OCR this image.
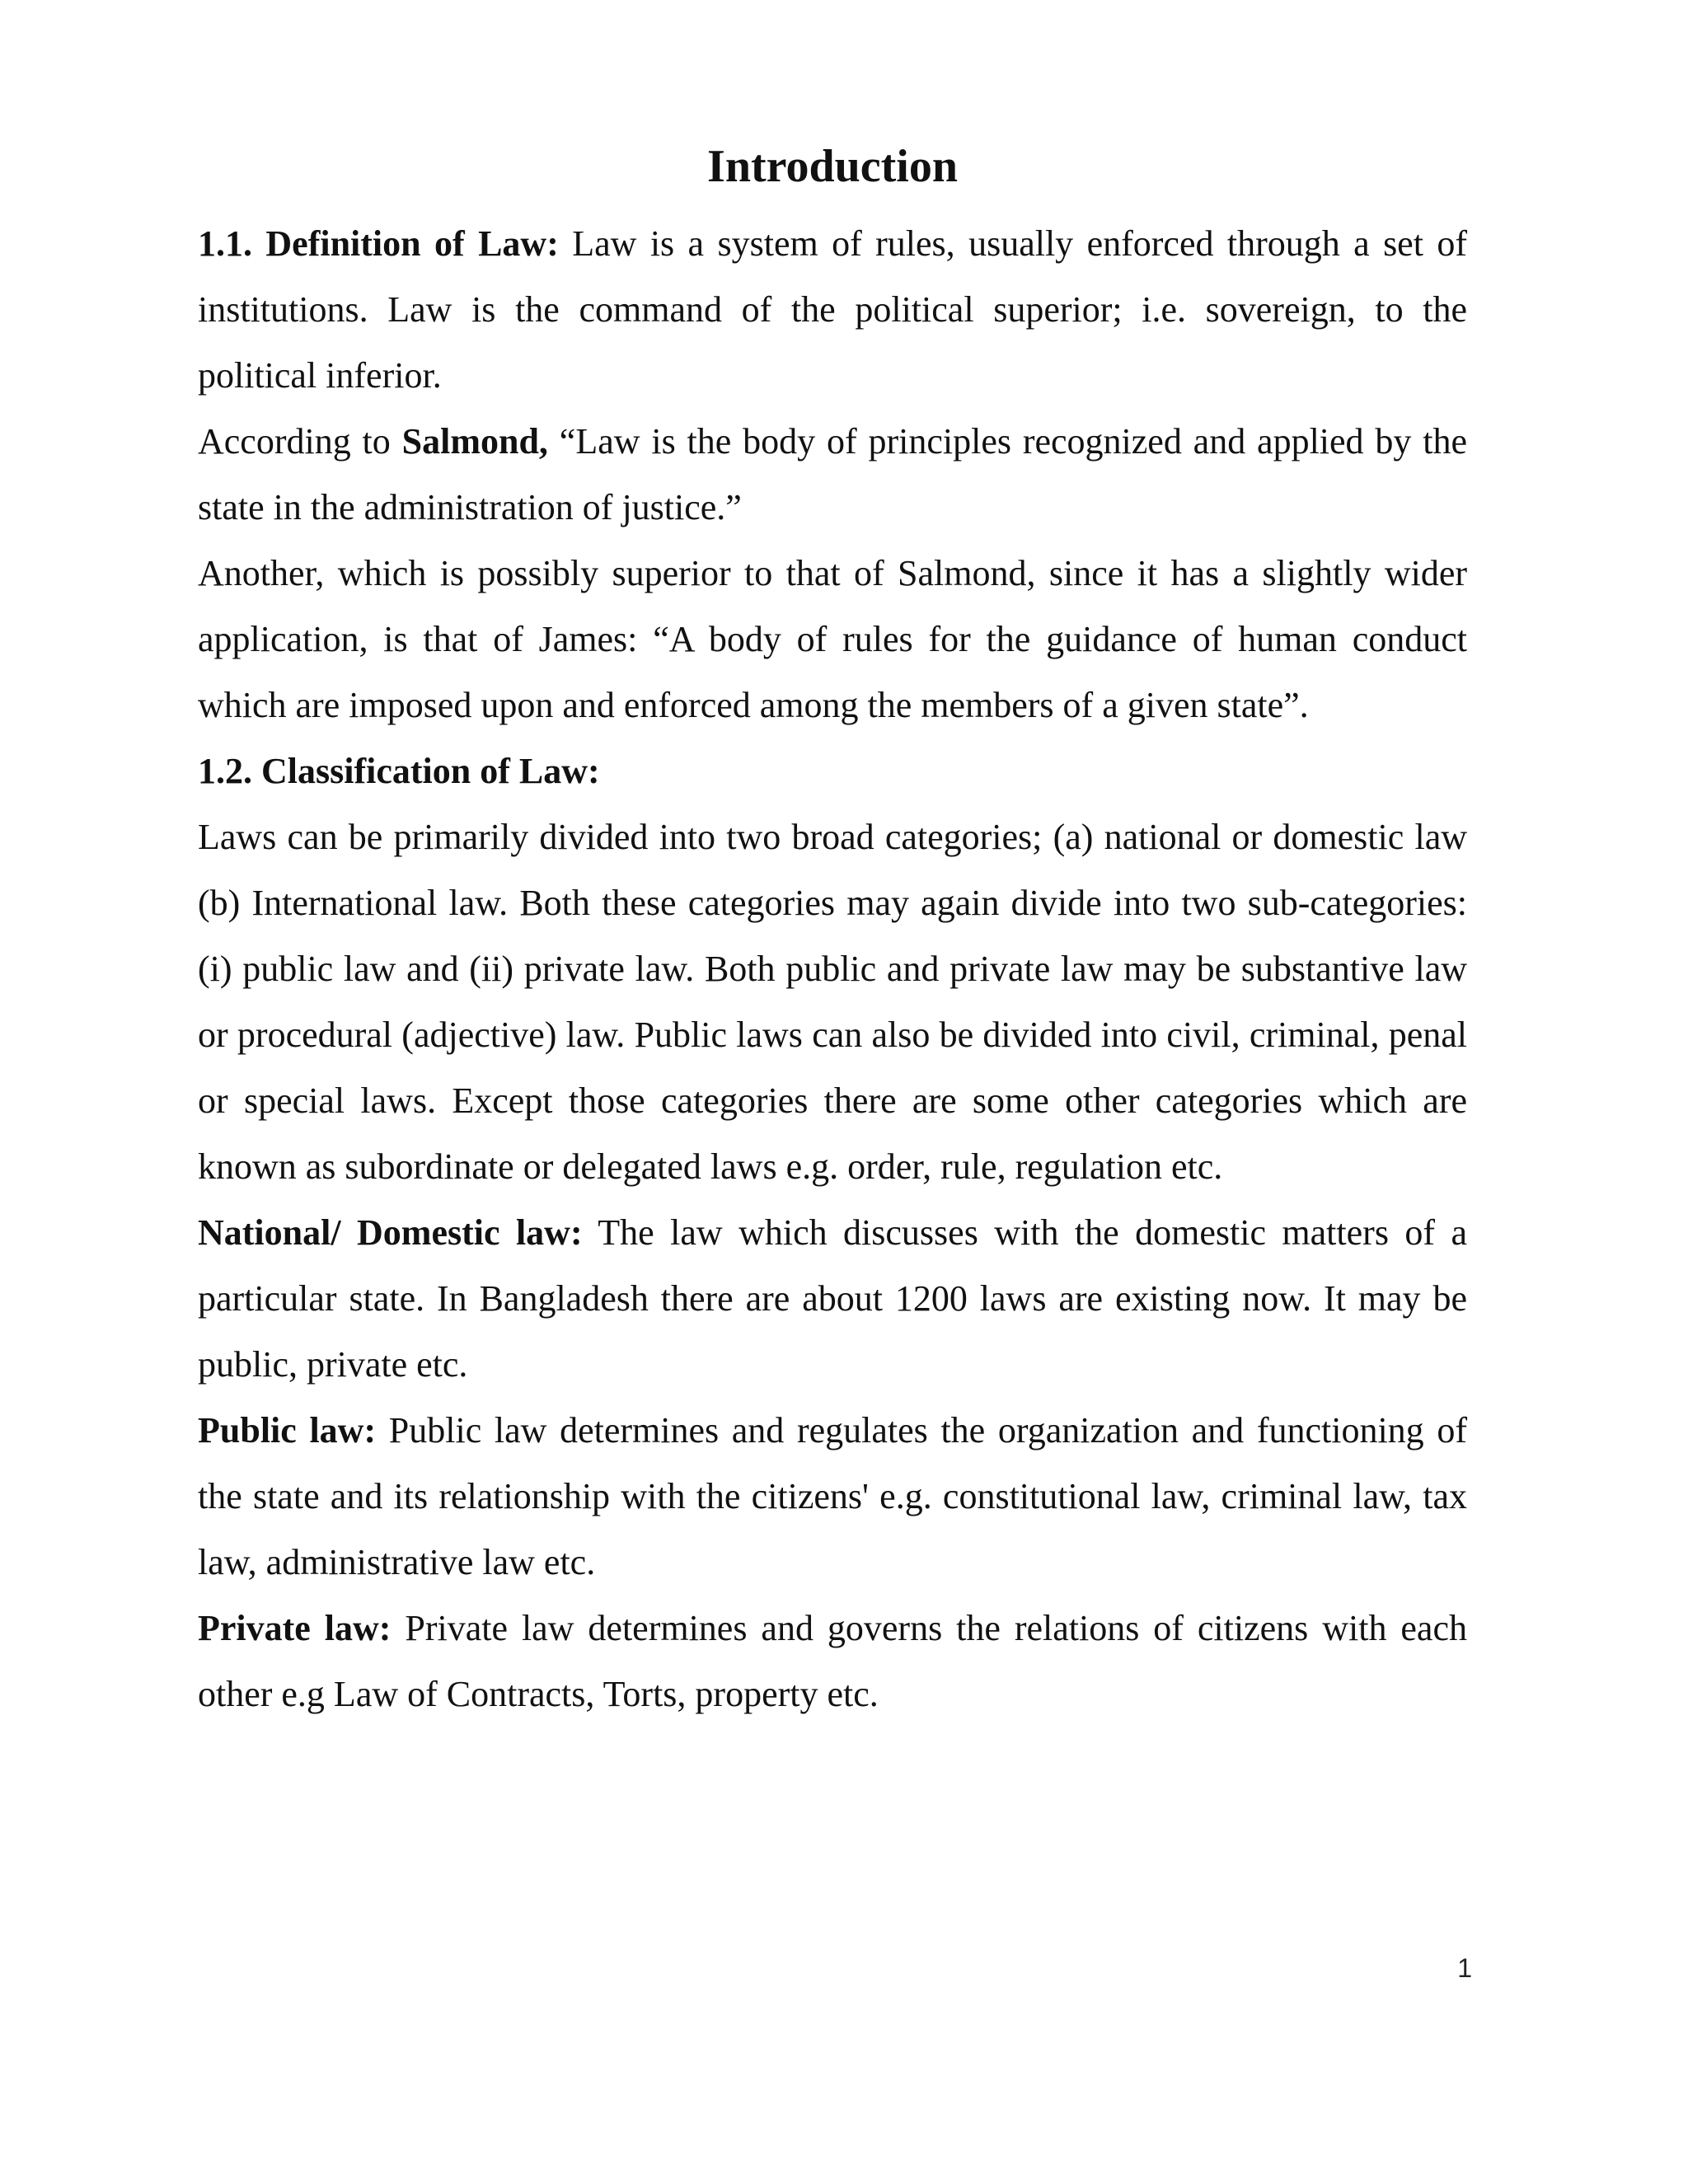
Introduction

1.1. Definition of Law: Law is a system of rules, usually enforced through a set of institutions. Law is the command of the political superior; i.e. sovereign, to the political inferior.

According to Salmond, “Law is the body of principles recognized and applied by the state in the administration of justice.”

Another, which is possibly superior to that of Salmond, since it has a slightly wider application, is that of James: “A body of rules for the guidance of human conduct which are imposed upon and enforced among the members of a given state”.

1.2. Classification of Law:

Laws can be primarily divided into two broad categories; (a) national or domestic law (b) International law. Both these categories may again divide into two sub-categories: (i) public law and (ii) private law. Both public and private law may be substantive law or procedural (adjective) law. Public laws can also be divided into civil, criminal, penal or special laws. Except those categories there are some other categories which are known as subordinate or delegated laws e.g. order, rule, regulation etc.

National/ Domestic law: The law which discusses with the domestic matters of a particular state. In Bangladesh there are about 1200 laws are existing now. It may be public, private etc.

Public law: Public law determines and regulates the organization and functioning of the state and its relationship with the citizens' e.g. constitutional law, criminal law, tax law, administrative law etc.

Private law: Private law determines and governs the relations of citizens with each other e.g Law of Contracts, Torts, property etc.

1
